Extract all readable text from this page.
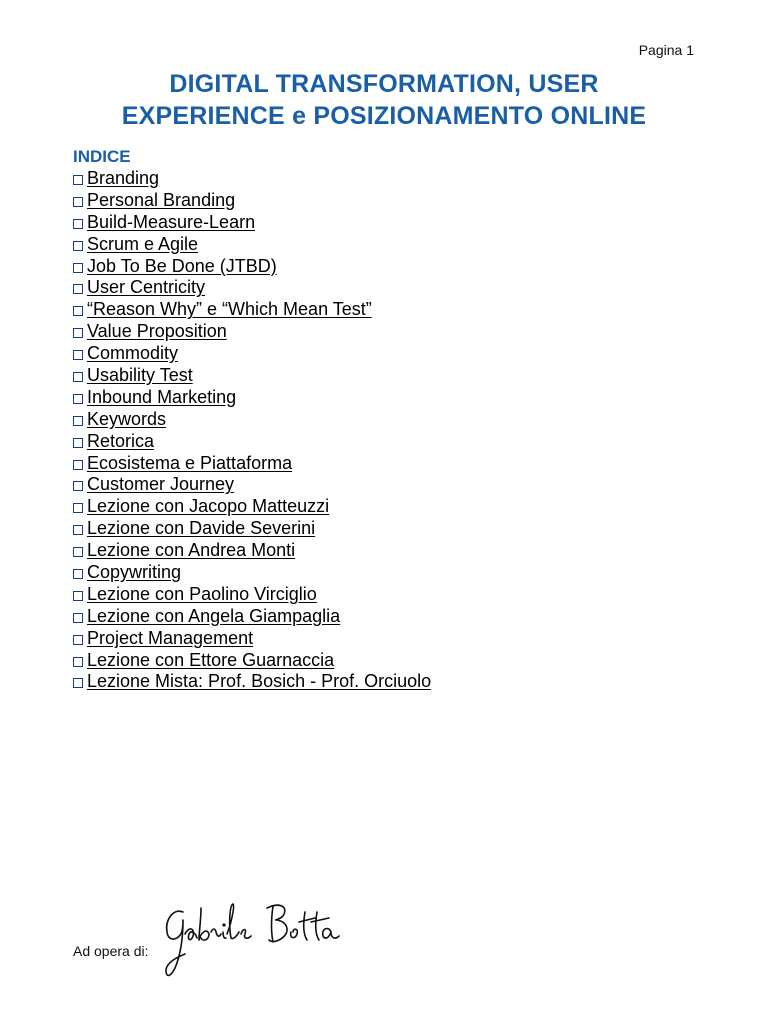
Pagina 1
DIGITAL TRANSFORMATION, USER
EXPERIENCE e POSIZIONAMENTO ONLINE
INDICE
Branding
Personal Branding
Build-Measure-Learn
Scrum e Agile
Job To Be Done (JTBD)
User Centricity
“Reason Why” e “Which Mean Test”
Value Proposition
Commodity
Usability Test
Inbound Marketing
Keywords
Retorica
Ecosistema e Piattaforma
Customer Journey
Lezione con Jacopo Matteuzzi
Lezione con Davide Severini
Lezione con Andrea Monti
Copywriting
Lezione con Paolino Virciglio
Lezione con Angela Giampaglia
Project Management
Lezione con Ettore Guarnaccia
Lezione Mista: Prof. Bosich - Prof. Orciuolo
Ad opera di:
